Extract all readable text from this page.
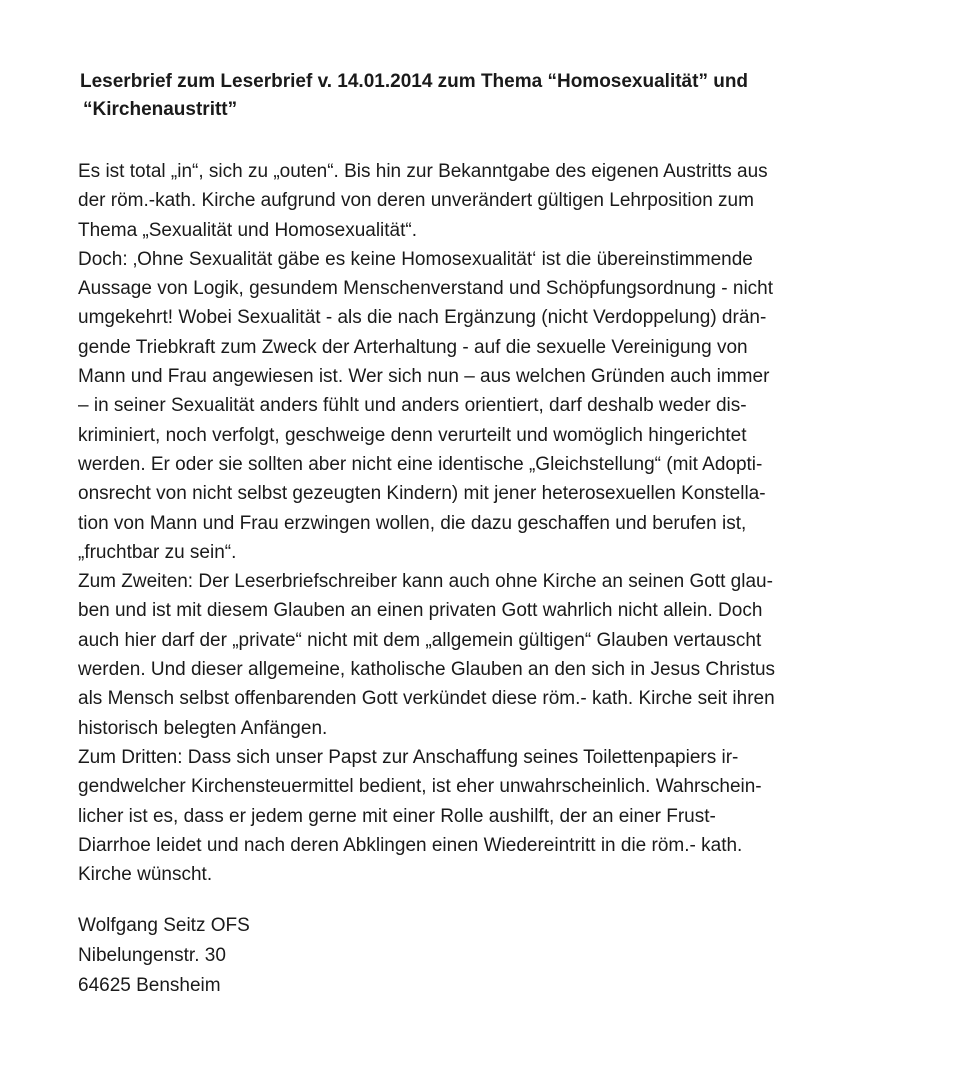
Leserbrief zum Leserbrief v. 14.01.2014 zum Thema “Homosexualität” und
“Kirchenaustritt”
Es ist total „in“, sich zu „outen“. Bis hin zur Bekanntgabe des eigenen Austritts aus
der röm.-kath. Kirche aufgrund von deren unverändert gültigen Lehrposition zum
Thema „Sexualität und Homosexualität“.
Doch: ‚Ohne Sexualität gäbe es keine Homosexualität‘ ist die übereinstimmende
Aussage von Logik, gesundem Menschenverstand und Schöpfungsordnung - nicht
umgekehrt! Wobei Sexualität - als die nach Ergänzung (nicht Verdoppelung) drän-
gende Triebkraft zum Zweck der Arterhaltung - auf die sexuelle Vereinigung von
Mann und Frau angewiesen ist. Wer sich nun – aus welchen Gründen auch immer
– in seiner Sexualität anders fühlt und anders orientiert, darf deshalb weder dis-
kriminiert, noch verfolgt, geschweige denn verurteilt und womöglich hingerichtet
werden. Er oder sie sollten aber nicht eine identische „Gleichstellung“ (mit Adopti-
onsrecht von nicht selbst gezeugten Kindern) mit jener heterosexuellen Konstella-
tion von Mann und Frau erzwingen wollen, die dazu geschaffen und berufen ist,
„fruchtbar zu sein“.
Zum Zweiten: Der Leserbriefschreiber kann auch ohne Kirche an seinen Gott glau-
ben und ist mit diesem Glauben an einen privaten Gott wahrlich nicht allein. Doch
auch hier darf der „private“ nicht mit dem „allgemein gültigen“ Glauben vertauscht
werden. Und dieser allgemeine, katholische Glauben an den sich in Jesus Christus
als Mensch selbst offenbarenden Gott verkündet diese röm.- kath. Kirche seit ihren
historisch belegten Anfängen.
Zum Dritten: Dass sich unser Papst zur Anschaffung seines Toilettenpapiers ir-
gendwelcher Kirchensteuermittel bedient, ist eher unwahrscheinlich. Wahrschein-
licher ist es, dass er jedem gerne mit einer Rolle aushilft, der an einer Frust-
Diarrhoe leidet und nach deren Abklingen einen Wiedereintritt in die röm.- kath.
Kirche wünscht.
Wolfgang Seitz OFS
Nibelungenstr. 30
64625 Bensheim
